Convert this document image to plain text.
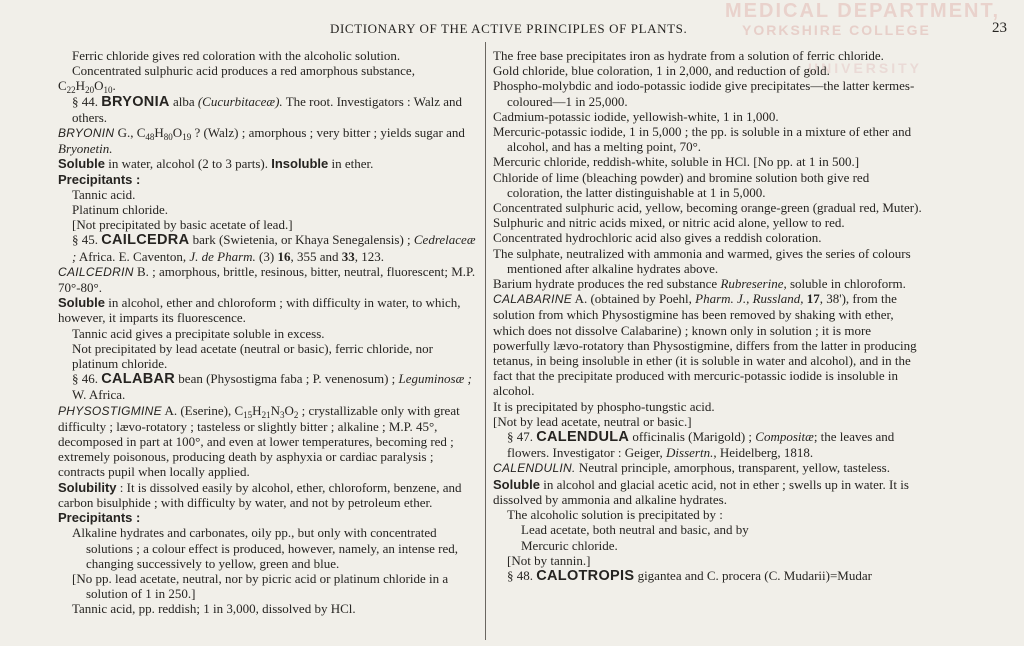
MEDICAL DEPARTMENT,
YORKSHIRE COLLEGE
UNIVERSITY
DICTIONARY OF THE ACTIVE PRINCIPLES OF PLANTS.	23

Ferric chloride gives red coloration with the alcoholic solution.

Concentrated sulphuric acid produces a red amorphous substance,

$C_{22}H_{20}O_{10}$.

§ 44. BRYONIA alba (Cucurbitaceæ). The root. Investigators : Walz and others.

BRYONIN G., $C_{48}H_{80}O_{19}$ ? (Walz) ; amorphous ; very bitter ; yields sugar and Bryonetin.

Soluble in water, alcohol (2 to 3 parts). Insoluble in ether.

Precipitants :

Tannic acid.

Platinum chloride.

[Not precipitated by basic acetate of lead.]

§ 45. CAILCEDRA bark (Swietenia, or Khaya Senegalensis) ; Cedrelaceæ ; Africa. E. Caventon, J. de Pharm. (3) 16, 355 and 33, 123.

CAILCEDRIN B. ; amorphous, brittle, resinous, bitter, neutral, fluorescent; M.P. 70°-80°.

Soluble in alcohol, ether and chloroform ; with difficulty in water, to which, however, it imparts its fluorescence.

Tannic acid gives a precipitate soluble in excess.

Not precipitated by lead acetate (neutral or basic), ferric chloride, nor platinum chloride.

§ 46. CALABAR bean (Physostigma faba ; P. venenosum) ; Leguminosæ ; W. Africa.

PHYSOSTIGMINE A. (Eserine), $C_{15}H_{21}N_3O_2$ ; crystallizable only with great difficulty ; lævo-rotatory ; tasteless or slightly bitter ; alkaline ; M.P. 45°, decomposed in part at 100°, and even at lower temperatures, becoming red ; extremely poisonous, producing death by asphyxia or cardiac paralysis ; contracts pupil when locally applied.

Solubility : It is dissolved easily by alcohol, ether, chloroform, benzene, and carbon bisulphide ; with difficulty by water, and not by petroleum ether.

Precipitants :

Alkaline hydrates and carbonates, oily pp., but only with concentrated solutions ; a colour effect is produced, however, namely, an intense red, changing successively to yellow, green and blue.

[No pp. lead acetate, neutral, nor by picric acid or platinum chloride in a solution of 1 in 250.]

Tannic acid, pp. reddish; 1 in 3,000, dissolved by HCl.

The free base precipitates iron as hydrate from a solution of ferric chloride.

Gold chloride, blue coloration, 1 in 2,000, and reduction of gold.

Phospho-molybdic and iodo-potassic iodide give precipitates—the latter kermes-coloured—1 in 25,000.

Cadmium-potassic iodide, yellowish-white, 1 in 1,000.

Mercuric-potassic iodide, 1 in 5,000 ; the pp. is soluble in a mixture of ether and alcohol, and has a melting point, 70°.

Mercuric chloride, reddish-white, soluble in HCl. [No pp. at 1 in 500.]

Chloride of lime (bleaching powder) and bromine solution both give red coloration, the latter distinguishable at 1 in 5,000.

Concentrated sulphuric acid, yellow, becoming orange-green (gradual red, Muter).

Sulphuric and nitric acids mixed, or nitric acid alone, yellow to red.

Concentrated hydrochloric acid also gives a reddish coloration.

The sulphate, neutralized with ammonia and warmed, gives the series of colours mentioned after alkaline hydrates above.

Barium hydrate produces the red substance Rubreserine, soluble in chloroform.

CALABARINE A. (obtained by Poehl, Pharm. J., Russland, 17, 38'), from the solution from which Physostigmine has been removed by shaking with ether, which does not dissolve Calabarine) ; known only in solution ; it is more powerfully lævo-rotatory than Physostigmine, differs from the latter in producing tetanus, in being insoluble in ether (it is soluble in water and alcohol), and in the fact that the precipitate produced with mercuric-potassic iodide is insoluble in alcohol.

It is precipitated by phospho-tungstic acid.

[Not by lead acetate, neutral or basic.]

§ 47. CALENDULA officinalis (Marigold) ; Compositæ; the leaves and flowers. Investigator : Geiger, Dissertn., Heidelberg, 1818.

CALENDULIN. Neutral principle, amorphous, transparent, yellow, tasteless.

Soluble in alcohol and glacial acetic acid, not in ether ; swells up in water. It is dissolved by ammonia and alkaline hydrates.

The alcoholic solution is precipitated by :

Lead acetate, both neutral and basic, and by

Mercuric chloride.

[Not by tannin.]

§ 48. CALOTROPIS gigantea and C. procera (C. Mudarii)=Mudar
